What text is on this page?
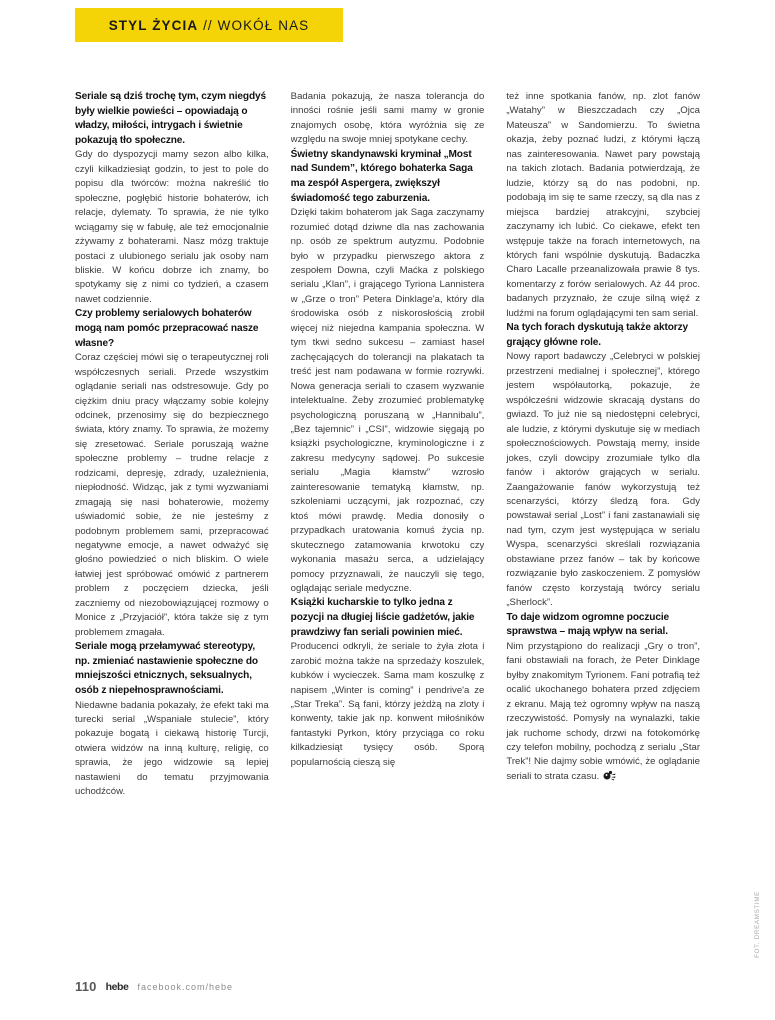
STYL ŻYCIA // WOKÓŁ NAS

Seriale są dziś trochę tym, czym niegdyś były wielkie powieści – opowiadają o władzy, miłości, intrygach i świetnie pokazują tło społeczne.

Gdy do dyspozycji mamy sezon albo kilka, czyli kilkadziesiąt godzin, to jest to pole do popisu dla twórców: można nakreślić tło społeczne, pogłębić historie bohaterów, ich relacje, dylematy. To sprawia, że nie tylko wciągamy się w fabułę, ale też emocjonalnie zżywamy z bohaterami. Nasz mózg traktuje postaci z ulubionego serialu jak osoby nam bliskie. W końcu dobrze ich znamy, bo spotykamy się z nimi co tydzień, a czasem nawet codziennie.

Czy problemy serialowych bohaterów mogą nam pomóc przepracować nasze własne?

Coraz częściej mówi się o terapeutycznej roli współczesnych seriali. Przede wszystkim oglądanie seriali nas odstresowuje. Gdy po ciężkim dniu pracy włączamy sobie kolejny odcinek, przenosimy się do bezpiecznego świata, który znamy. To sprawia, że możemy się zresetować. Seriale poruszają ważne społeczne problemy – trudne relacje z rodzicami, depresję, zdrady, uzależnienia, niepłodność. Widząc, jak z tymi wyzwaniami zmagają się nasi bohaterowie, możemy uświadomić sobie, że nie jesteśmy z podobnym problemem sami, przepracować negatywne emocje, a nawet odważyć się głośno powiedzieć o nich bliskim. O wiele łatwiej jest spróbować omówić z partnerem problem z poczęciem dziecka, jeśli zaczniemy od niezobowiązującej rozmowy o Monice z „Przyjaciół”, która także się z tym problemem zmagała.

Seriale mogą przełamywać stereotypy, np. zmieniać nastawienie społeczne do mniejszości etnicznych, seksualnych, osób z niepełnosprawnościami.

Niedawne badania pokazały, że efekt taki ma turecki serial „Wspaniałe stulecie”, który pokazuje bogatą i ciekawą historię Turcji, otwiera widzów na inną kulturę, religię, co sprawia, że jego widzowie są lepiej nastawieni do tematu przyjmowania uchodźców.

Badania pokazują, że nasza tolerancja do inności rośnie jeśli sami mamy w gronie znajomych osobę, która wyróżnia się ze względu na swoje mniej spotykane cechy.

Świetny skandynawski kryminał „Most nad Sundem”, którego bohaterka Saga ma zespół Aspergera, zwiększył świadomość tego zaburzenia.

Dzięki takim bohaterom jak Saga zaczynamy rozumieć dotąd dziwne dla nas zachowania np. osób ze spektrum autyzmu. Podobnie było w przypadku pierwszego aktora z zespołem Downa, czyli Maćka z polskiego serialu „Klan”, i grającego Tyriona Lannistera w „Grze o tron” Petera Dinklage'a, który dla środowiska osób z niskorosłością zrobił więcej niż niejedna kampania społeczna. W tym tkwi sedno sukcesu – zamiast haseł zachęcających do tolerancji na plakatach ta treść jest nam podawana w formie rozrywki. Nowa generacja seriali to czasem wyzwanie intelektualne. Żeby zrozumieć problematykę psychologiczną poruszaną w „Hannibalu”, „Bez tajemnic” i „CSI”, widzowie sięgają po książki psychologiczne, kryminologiczne i z zakresu medycyny sądowej. Po sukcesie serialu „Magia kłamstw” wzrosło zainteresowanie tematyką kłamstw, np. szkoleniami uczącymi, jak rozpoznać, czy ktoś mówi prawdę. Media donosiły o przypadkach uratowania komuś życia np. skutecznego zatamowania krwotoku czy wykonania masażu serca, a udzielający pomocy przyznawali, że nauczyli się tego, oglądając seriale medyczne.

Książki kucharskie to tylko jedna z pozycji na długiej liście gadżetów, jakie prawdziwy fan seriali powinien mieć.

Producenci odkryli, że seriale to żyła złota i zarobić można także na sprzedaży koszulek, kubków i wycieczek. Sama mam koszulkę z napisem „Winter is coming” i pendrive'a ze „Star Treka”. Są fani, którzy jeżdżą na zloty i konwenty, takie jak np. konwent miłośników fantastyki Pyrkon, który przyciąga co roku kilkadziesiąt tysięcy osób. Sporą popularnością cieszą się

też inne spotkania fanów, np. zlot fanów „Watahy” w Bieszczadach czy „Ojca Mateusza” w Sandomierzu. To świetna okazja, żeby poznać ludzi, z którymi łączą nas zainteresowania. Nawet pary powstają na takich zlotach. Badania potwierdzają, że ludzie, którzy są do nas podobni, np. podobają im się te same rzeczy, są dla nas z miejsca bardziej atrakcyjni, szybciej zaczynamy ich lubić. Co ciekawe, efekt ten wstępuje także na forach internetowych, na których fani wspólnie dyskutują. Badaczka Charo Lacalle przeanalizowała prawie 8 tys. komentarzy z forów serialowych. Aż 44 proc. badanych przyznało, że czuje silną więź z ludźmi na forum oglądającymi ten sam serial.

Na tych forach dyskutują także aktorzy grający główne role.

Nowy raport badawczy „Celebryci w polskiej przestrzeni medialnej i społecznej”, którego jestem współautorką, pokazuje, że współcześni widzowie skracają dystans do gwiazd. To już nie są niedostępni celebryci, ale ludzie, z którymi dyskutuje się w mediach społecznościowych. Powstają memy, inside jokes, czyli dowcipy zrozumiałe tylko dla fanów i aktorów grających w serialu. Zaangażowanie fanów wykorzystują też scenarzyści, którzy śledzą fora. Gdy powstawał serial „Lost” i fani zastanawiali się nad tym, czym jest występująca w serialu Wyspa, scenarzyści skreślali rozwiązania obstawiane przez fanów – tak by końcowe rozwiązanie było zaskoczeniem. Z pomysłów fanów często korzystają twórcy serialu „Sherlock”.

To daje widzom ogromne poczucie sprawstwa – mają wpływ na serial.

Nim przystąpiono do realizacji „Gry o tron”, fani obstawiali na forach, że Peter Dinklage byłby znakomitym Tyrionem. Fani potrafią też ocalić ukochanego bohatera przed zdjęciem z ekranu. Mają też ogromny wpływ na naszą rzeczywistość. Pomysły na wynalazki, takie jak ruchome schody, drzwi na fotokomórkę czy telefon mobilny, pochodzą z serialu „Star Trek”! Nie dajmy sobie wmówić, że oglądanie seriali to strata czasu.

FOT. DREAMSTIME
110 hebe facebook.com/hebe
